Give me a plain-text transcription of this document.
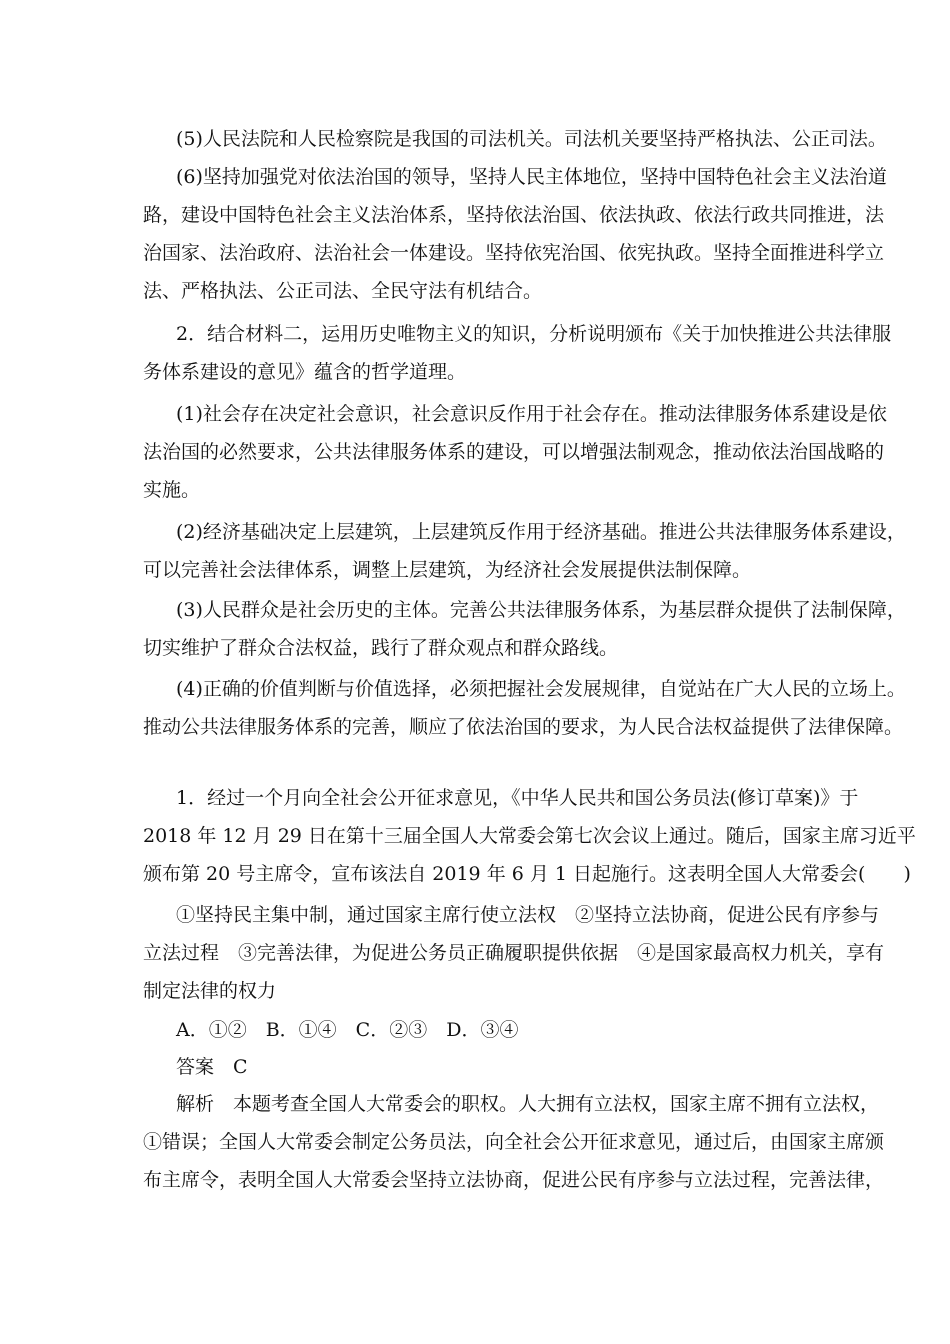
(5)人民法院和人民检察院是我国的司法机关。司法机关要坚持严格执法、公正司法。

(6)坚持加强党对依法治国的领导，坚持人民主体地位，坚持中国特色社会主义法治道

路，建设中国特色社会主义法治体系，坚持依法治国、依法执政、依法行政共同推进，法

治国家、法治政府、法治社会一体建设。坚持依宪治国、依宪执政。坚持全面推进科学立

法、严格执法、公正司法、全民守法有机结合。

2．结合材料二，运用历史唯物主义的知识，分析说明颁布《关于加快推进公共法律服

务体系建设的意见》蕴含的哲学道理。

(1)社会存在决定社会意识，社会意识反作用于社会存在。推动法律服务体系建设是依

法治国的必然要求，公共法律服务体系的建设，可以增强法制观念，推动依法治国战略的

实施。

(2)经济基础决定上层建筑，上层建筑反作用于经济基础。推进公共法律服务体系建设，

可以完善社会法律体系，调整上层建筑，为经济社会发展提供法制保障。

(3)人民群众是社会历史的主体。完善公共法律服务体系，为基层群众提供了法制保障，

切实维护了群众合法权益，践行了群众观点和群众路线。

(4)正确的价值判断与价值选择，必须把握社会发展规律，自觉站在广大人民的立场上。

推动公共法律服务体系的完善，顺应了依法治国的要求，为人民合法权益提供了法律保障。

1．经过一个月向全社会公开征求意见，《中华人民共和国公务员法(修订草案)》于

2018 年 12 月 29 日在第十三届全国人大常委会第七次会议上通过。随后，国家主席习近平

颁布第 20 号主席令，宣布该法自 2019 年 6 月 1 日起施行。这表明全国人大常委会(　　)

①坚持民主集中制，通过国家主席行使立法权　②坚持立法协商，促进公民有序参与

立法过程　③完善法律，为促进公务员正确履职提供依据　④是国家最高权力机关，享有

制定法律的权力

A．①②　B．①④　C．②③　D．③④

答案　C

解析　本题考查全国人大常委会的职权。人大拥有立法权，国家主席不拥有立法权，

①错误；全国人大常委会制定公务员法，向全社会公开征求意见，通过后，由国家主席颁

布主席令，表明全国人大常委会坚持立法协商，促进公民有序参与立法过程，完善法律，
